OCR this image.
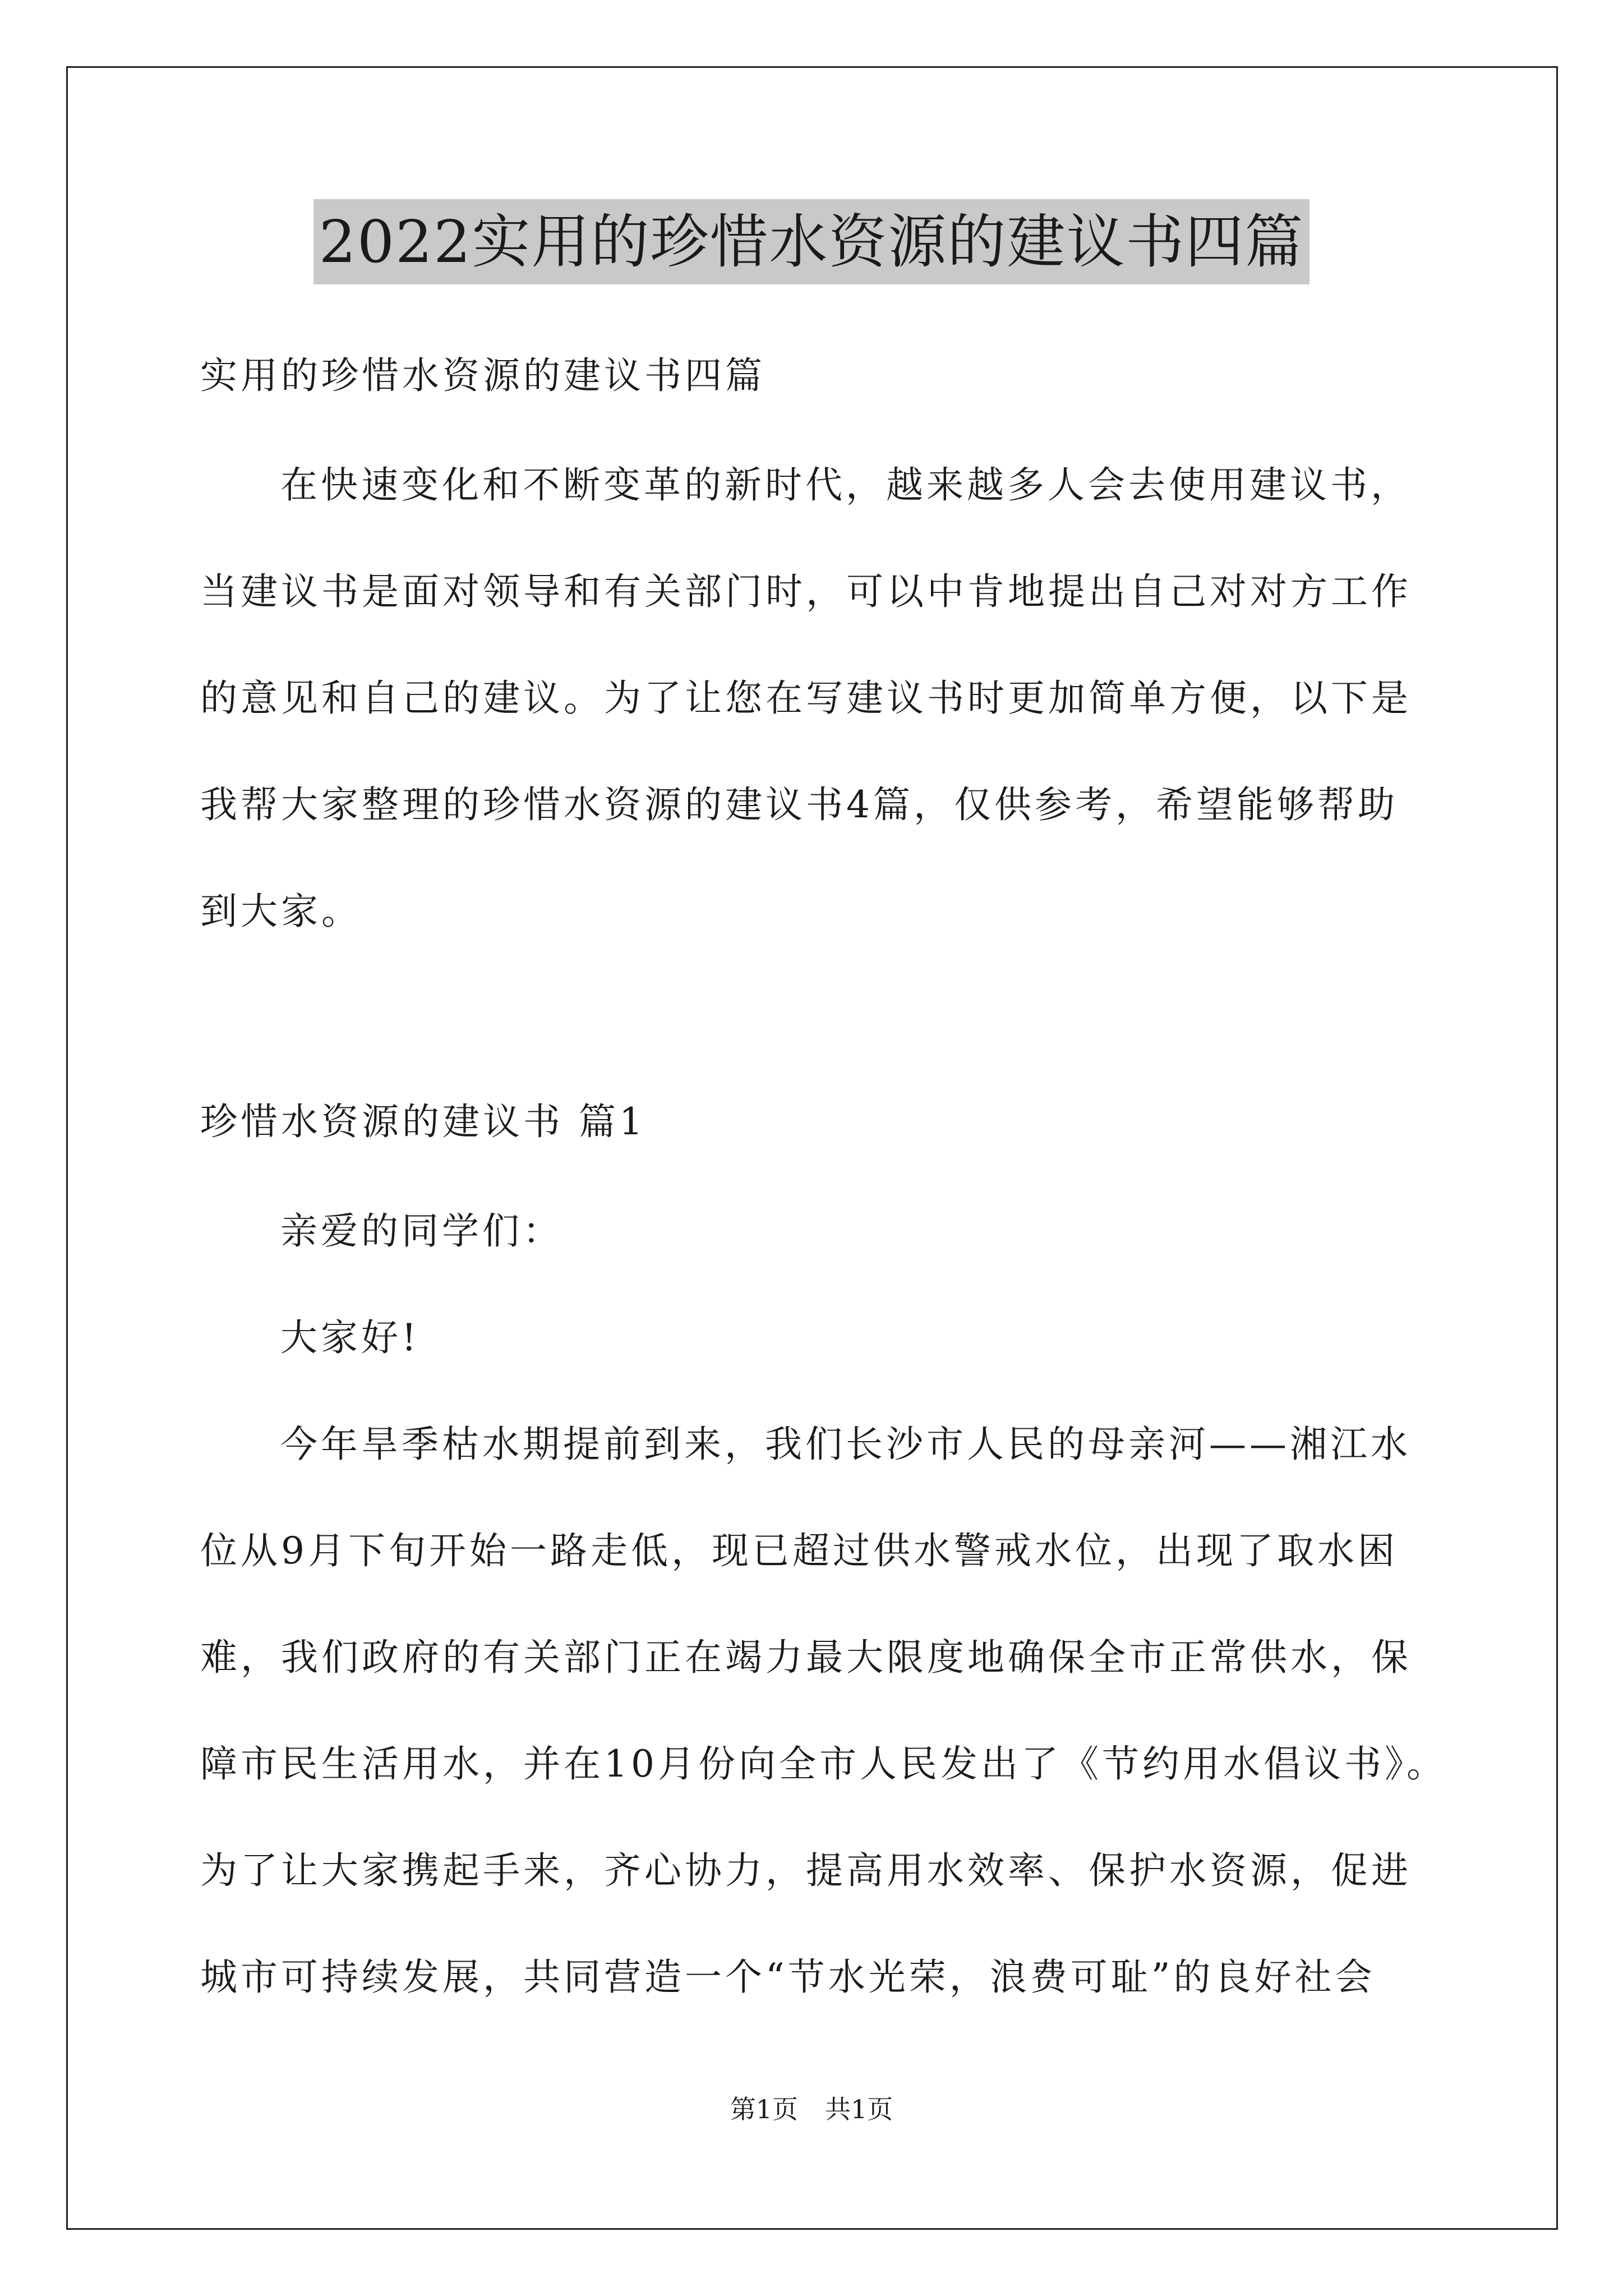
2022实用的珍惜水资源的建议书四篇
实用的珍惜水资源的建议书四篇
在快速变化和不断变革的新时代，越来越多人会去使用建议书，
当建议书是面对领导和有关部门时，可以中肯地提出自己对对方工作
的意见和自己的建议。为了让您在写建议书时更加简单方便，以下是
我帮大家整理的珍惜水资源的建议书4篇，仅供参考，希望能够帮助
到大家。
珍惜水资源的建议书 篇1
亲爱的同学们：
大家好!
今年旱季枯水期提前到来，我们长沙市人民的母亲河——湘江水
位从9月下旬开始一路走低，现已超过供水警戒水位，出现了取水困
难，我们政府的有关部门正在竭力最大限度地确保全市正常供水，保
障市民生活用水，并在10月份向全市人民发出了《节约用水倡议书》。
为了让大家携起手来，齐心协力，提高用水效率、保护水资源，促进
城市可持续发展，共同营造一个“节水光荣，浪费可耻”的良好社会
第1页 共1页
